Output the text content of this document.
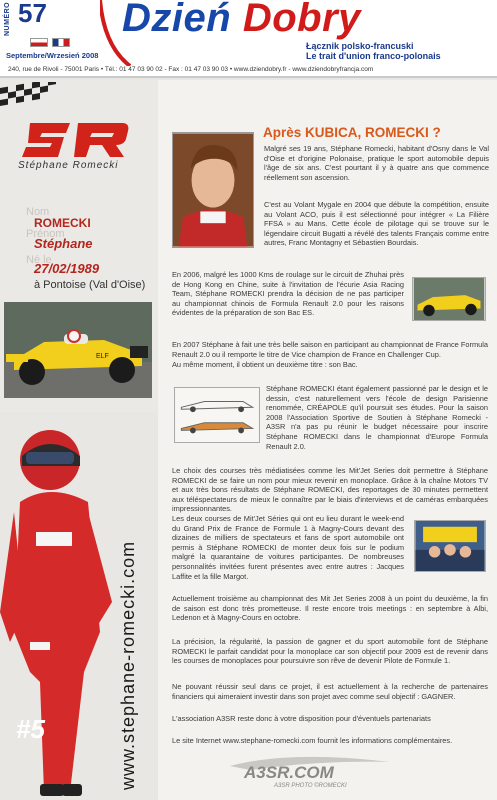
NUMÉRO 57
Septembre/Wrzesień 2008
Dzień Dobry
Łącznik polsko-francuski
Le trait d'union franco-polonais
240, rue de Rivoli - 75001 Paris • Tél.: 01 47 03 90 02 - Fax : 01 47 03 90 03 • www.dziendobry.fr - www.dziendobryfrancja.com
Stéphane Romecki
Nom
ROMECKI
Prénom
Stéphane
Né le
27/02/1989
à Pontoise (Val d'Oise)
ELF
www.stephane-romecki.com
#5
Après KUBICA, ROMECKI ?
Malgré ses 19 ans, Stéphane Romecki, habitant d'Osny dans le Val d'Oise et d'origine Polonaise, pratique le sport automobile depuis l'âge de six ans. C'est pourtant il y à quatre ans que commence réellement son ascension.
C'est au Volant Mygale en 2004 que débute la compétition, ensuite au Volant ACO, puis il est sélectionné pour intégrer « La Filière FFSA » au Mans. Cette école de pilotage qui se trouve sur le légendaire circuit Bugatti a révélé des talents Français comme entre autres, Franc Montagny et Sébastien Bourdais.
En 2006, malgré les 1000 Kms de roulage sur le circuit de Zhuhai près de Hong Kong en Chine, suite à l'invitation de l'écurie Asia Racing Team, Stéphane ROMECKI prendra la décision de ne pas participer au championnat chinois de Formula Renault 2.0 pour les raisons évidentes de la préparation de son Bac ES.
En 2007 Stéphane à fait une très belle saison en participant au championnat de France Formula Renault 2.0 ou il remporte le titre de Vice champion de France en Challenger Cup.
Au même moment, il obtient un deuxième titre : son Bac.
Stéphane ROMECKI étant également passionné par le design et le dessin, c'est naturellement vers l'école de design Parisienne renommée, CRÉAPOLE qu'il poursuit ses études. Pour la saison 2008 l'Association Sportive de Soutien à Stéphane Romecki - A3SR n'a pas pu réunir le budget nécessaire pour inscrire Stéphane ROMECKI dans le championnat d'Europe Formula Renault 2.0.
Le choix des courses très médiatisées comme les Mit'Jet Series doit permettre à Stéphane ROMECKI de se faire un nom pour mieux revenir en monoplace. Grâce à la chaîne Motors TV et aux très bons résultats de Stéphane ROMECKI, des reportages de 30 minutes permettent aux téléspectateurs de mieux le connaître par le biais d'interviews et de caméras embarquées impressionnantes.
Les deux courses de Mit'Jet Séries qui ont eu lieu durant le week-end du Grand Prix de France de Formule 1 à Magny-Cours devant des dizaines de milliers de spectateurs et fans de sport automobile ont permis à Stéphane ROMECKI de monter deux fois sur le podium malgré la quarantaine de voitures participantes. De nombreuses personnalités invitées furent présentes avec entre autres : Jacques Laffite et la fille Margot.
Actuellement troisième au championnat des Mit Jet Series 2008 à un point du deuxième, la fin de saison est donc très prometteuse. Il reste encore trois meetings : en septembre à Albi, Ledenon et à Magny-Cours en octobre.
La précision, la régularité, la passion de gagner et du sport automobile font de Stéphane ROMECKI le parfait candidat pour la monoplace car son objectif pour 2009 est de revenir dans les courses de monoplaces pour poursuivre son rêve de devenir Pilote de Formule 1.
Ne pouvant réussir seul dans ce projet, il est actuellement à la recherche de partenaires financiers qui aimeraient investir dans son projet avec comme seul objectif : GAGNER.
L'association A3SR reste donc à votre disposition pour d'éventuels partenariats
Le site Internet www.stephane-romecki.com fournit les informations complémentaires.
A3SR.COM
A3SR PHOTO ©ROMECKI
